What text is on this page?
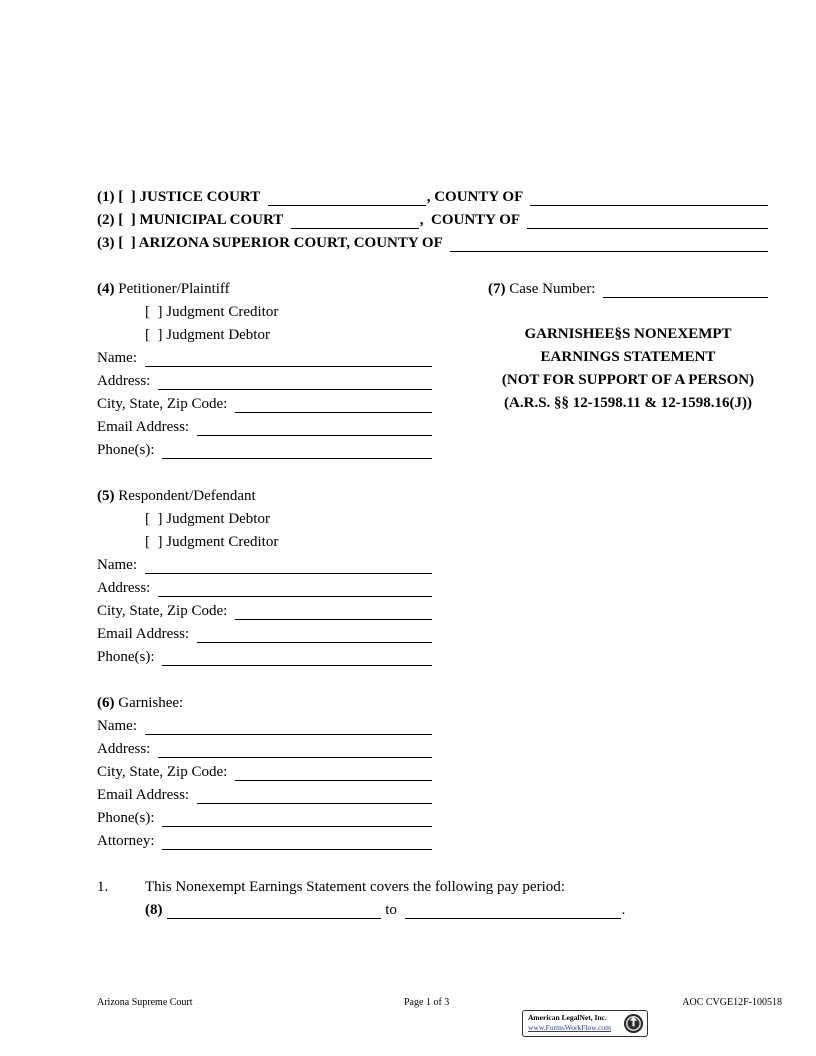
(1) [  ] JUSTICE COURT	, COUNTY OF
(2) [  ] MUNICIPAL COURT	,  COUNTY OF
(3) [  ] ARIZONA SUPERIOR COURT, COUNTY OF
(4) Petitioner/Plaintiff
[  ] Judgment Creditor
[  ] Judgment Debtor
Name:
Address:
City, State, Zip Code:
Email Address:
Phone(s):
(7) Case Number:
GARNISHEE§S NONEXEMPT
EARNINGS STATEMENT
(NOT FOR SUPPORT OF A PERSON)
(A.R.S. §§ 12-1598.11 & 12-1598.16(J))
(5) Respondent/Defendant
[  ] Judgment Debtor
[  ] Judgment Creditor
Name:
Address:
City, State, Zip Code:
Email Address:
Phone(s):
(6) Garnishee:
Name:
Address:
City, State, Zip Code:
Email Address:
Phone(s):
Attorney:
1. This Nonexempt Earnings Statement covers the following pay period:
(8)	to	.
Arizona Supreme Court	Page 1 of 3	AOC CVGE12F-100518
American LegalNet, Inc.
www.FormsWorkFlow.com
